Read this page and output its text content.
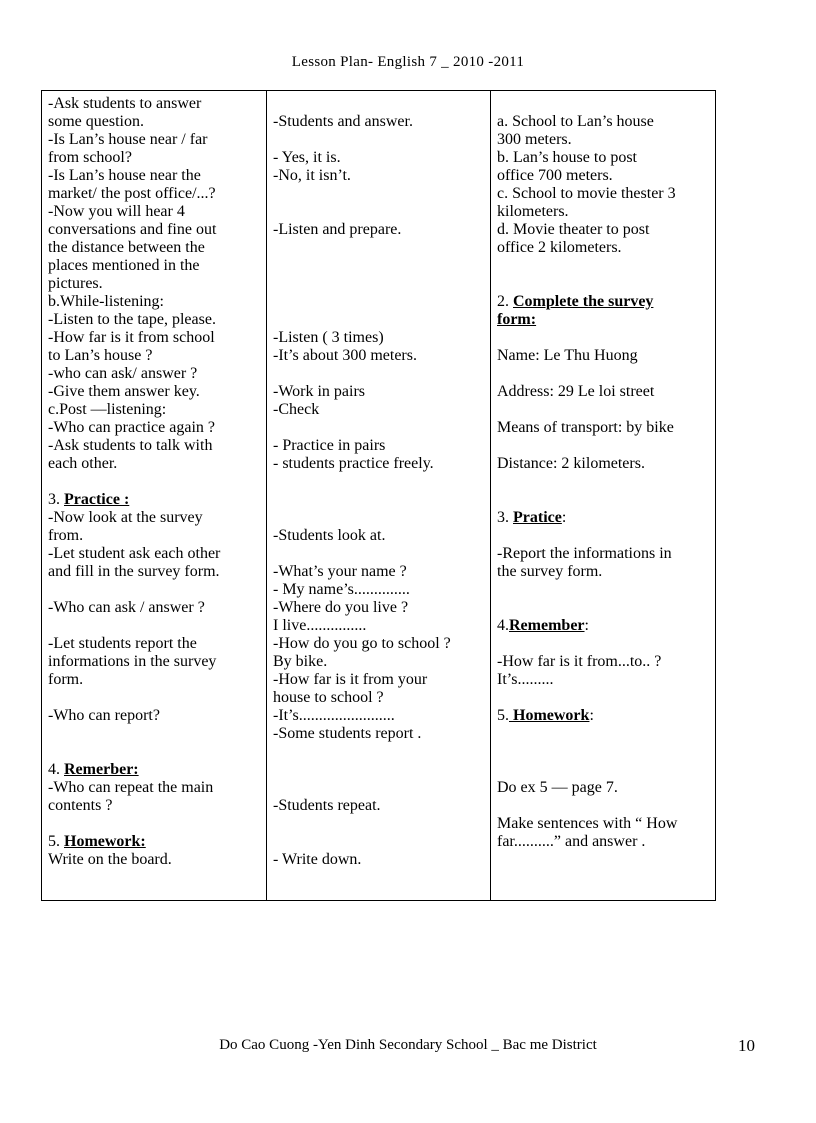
Lesson Plan- English 7 _ 2010 -2011
-Ask students to answer
some question.
-Is Lan’s house near / far
from school?
-Is Lan’s house near the
market/ the post office/...?
-Now you will hear 4
conversations and fine out
the distance between the
places mentioned in the
pictures.
b.While-listening:
-Listen to the tape, please.
-How far is it from school
to Lan’s house ?
-who can ask/ answer ?
-Give them answer key.
c.Post —listening:
-Who can practice again ?
-Ask students to talk with
each other.
3. Practice :
-Now look at the survey
from.
-Let student ask each other
and fill in the survey form.
-Who can ask / answer ?
-Let students report the
informations in the survey
form.
-Who can report?
4. Remerber:
-Who can repeat the main
contents ?
5. Homework:
Write on the board.
-Students and answer.
- Yes, it is.
-No, it isn’t.
-Listen and prepare.
-Listen ( 3 times)
-It’s about 300 meters.
-Work in pairs
-Check
- Practice in pairs
- students practice freely.
-Students look at.
-What’s your name ?
- My name’s..............
-Where do you live ?
I live...............
-How do you go to school ?
By bike.
-How far is it from your
house to school ?
-It’s........................
-Some students report .
-Students repeat.
- Write down.
a. School to Lan’s house
300 meters.
b. Lan’s house to post
office 700 meters.
c. School to movie thester 3
kilometers.
d. Movie theater to post
office 2 kilometers.
2. Complete the survey
form:
Name: Le Thu Huong
Address: 29 Le loi street
Means of transport: by bike
Distance: 2 kilometers.
3. Pratice:
-Report the informations in
the survey form.
4.Remember:
-How far is it from...to.. ?
It’s.........
5. Homework:
Do ex 5 — page 7.
Make sentences with “ How
far..........” and answer .
Do Cao Cuong -Yen Dinh Secondary School _ Bac me District	10
